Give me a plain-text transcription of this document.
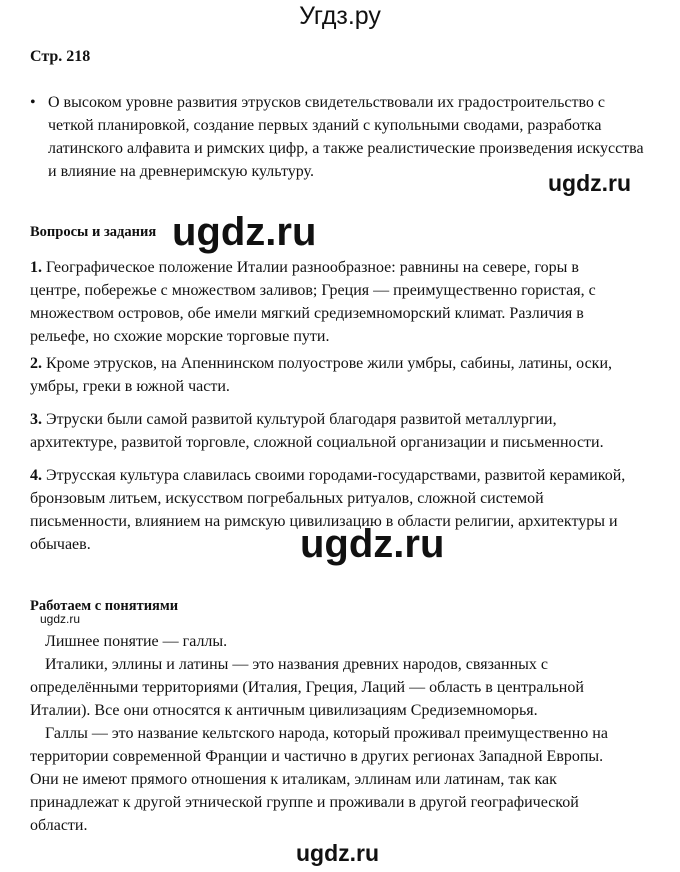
Угдз.ру
Стр. 218
• О высоком уровне развития этрусков свидетельствовали их градостроительство с четкой планировкой, создание первых зданий с купольными сводами, разработка латинского алфавита и римских цифр, а также реалистические произведения искусства и влияние на древнеримскую культуру.
Вопросы и задания
1. Географическое положение Италии разнообразное: равнины на севере, горы в центре, побережье с множеством заливов; Греция — преимущественно гористая, с множеством островов, обе имели мягкий средиземноморский климат. Различия в рельефе, но схожие морские торговые пути.
2. Кроме этрусков, на Апеннинском полуострове жили умбры, сабины, латины, оски, умбры, греки в южной части.
3. Этруски были самой развитой культурой благодаря развитой металлургии, архитектуре, развитой торговле, сложной социальной организации и письменности.
4. Этрусская культура славилась своими городами-государствами, развитой керамикой, бронзовым литьем, искусством погребальных ритуалов, сложной системой письменности, влиянием на римскую цивилизацию в области религии, архитектуры и обычаев.
Работаем с понятиями
Лишнее понятие — галлы.
Италики, эллины и латины — это названия древних народов, связанных с определёнными территориями (Италия, Греция, Лаций — область в центральной Италии). Все они относятся к античным цивилизациям Средиземноморья.
Галлы — это название кельтского народа, который проживал преимущественно на территории современной Франции и частично в других регионах Западной Европы. Они не имеют прямого отношения к италикам, эллинам или латинам, так как принадлежат к другой этнической группе и проживали в другой географической области.
ugdz.ru
ugdz.ru
ugdz.ru
ugdz.ru
ugdz.ru
